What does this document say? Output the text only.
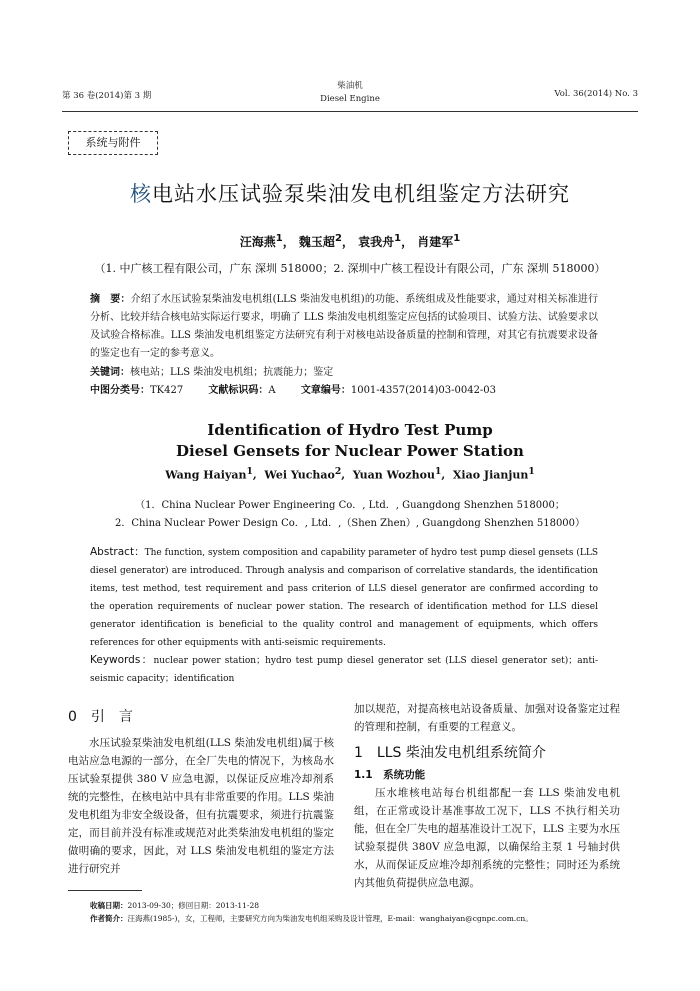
第 36 卷(2014)第 3 期
柴油机
Diesel Engine	Vol. 36(2014) No. 3
系统与附件
核电站水压试验泵柴油发电机组鉴定方法研究
汪海燕$^1$， 魏玉超$^2$， 袁我舟$^1$， 肖建军$^1$
（1. 中广核工程有限公司，广东 深圳 518000；2. 深圳中广核工程设计有限公司，广东 深圳 518000）
摘　要：介绍了水压试验泵柴油发电机组(LLS 柴油发电机组)的功能、系统组成及性能要求，通过对相关标准进行分析、比较并结合核电站实际运行要求，明确了 LLS 柴油发电机组鉴定应包括的试验项目、试验方法、试验要求以及试验合格标准。LLS 柴油发电机组鉴定方法研究有利于对核电站设备质量的控制和管理，对其它有抗震要求设备的鉴定也有一定的参考意义。
关键词：核电站；LLS 柴油发电机组；抗震能力；鉴定
中图分类号：TK427	文献标识码：A	文章编号：1001-4357(2014)03-0042-03
Identification of Hydro Test Pump
Diesel Gensets for Nuclear Power Station
Wang Haiyan$^1$,  Wei Yuchao$^2$,  Yuan Wozhou$^1$,  Xiao Jianjun$^1$
（1．China Nuclear Power Engineering Co．, Ltd．, Guangdong Shenzhen 518000；
2．China Nuclear Power Design Co．, Ltd．,（Shen Zhen）, Guangdong Shenzhen 518000）
Abstract：The function, system composition and capability parameter of hydro test pump diesel gensets (LLS diesel generator) are introduced. Through analysis and comparison of correlative standards, the identification items, test method, test requirement and pass criterion of LLS diesel generator are confirmed according to the operation requirements of nuclear power station. The research of identification method for LLS diesel generator identification is beneficial to the quality control and management of equipments, which offers references for other equipments with anti-seismic requirements.
Keywords：nuclear power station；hydro test pump diesel generator set (LLS diesel generator set)；anti-seismic capacity；identification
0　引　言
水压试验泵柴油发电机组(LLS 柴油发电机组)属于核电站应急电源的一部分，在全厂失电的情况下，为核岛水压试验泵提供 380 V 应急电源，以保证反应堆冷却剂系统的完整性，在核电站中具有非常重要的作用。LLS 柴油发电机组为非安全级设备，但有抗震要求，须进行抗震鉴定，而目前并没有标准或规范对此类柴油发电机组的鉴定做明确的要求，因此，对 LLS 柴油发电机组的鉴定方法进行研究并
加以规范，对提高核电站设备质量、加强对设备鉴定过程的管理和控制，有重要的工程意义。
1　LLS 柴油发电机组系统简介
1.1　系统功能
压水堆核电站每台机组都配一套 LLS 柴油发电机组，在正常或设计基准事故工况下，LLS 不执行相关功能，但在全厂失电的超基准设计工况下，LLS 主要为水压试验泵提供 380V 应急电源，以确保给主泵 1 号轴封供水，从而保证反应堆冷却剂系统的完整性；同时还为系统内其他负荷提供应急电源。
收稿日期：2013-09-30；修回日期：2013-11-28
作者简介：汪海燕(1985-)，女，工程师，主要研究方向为柴油发电机组采购及设计管理，E-mail：wanghaiyan@cgnpc.com.cn。
